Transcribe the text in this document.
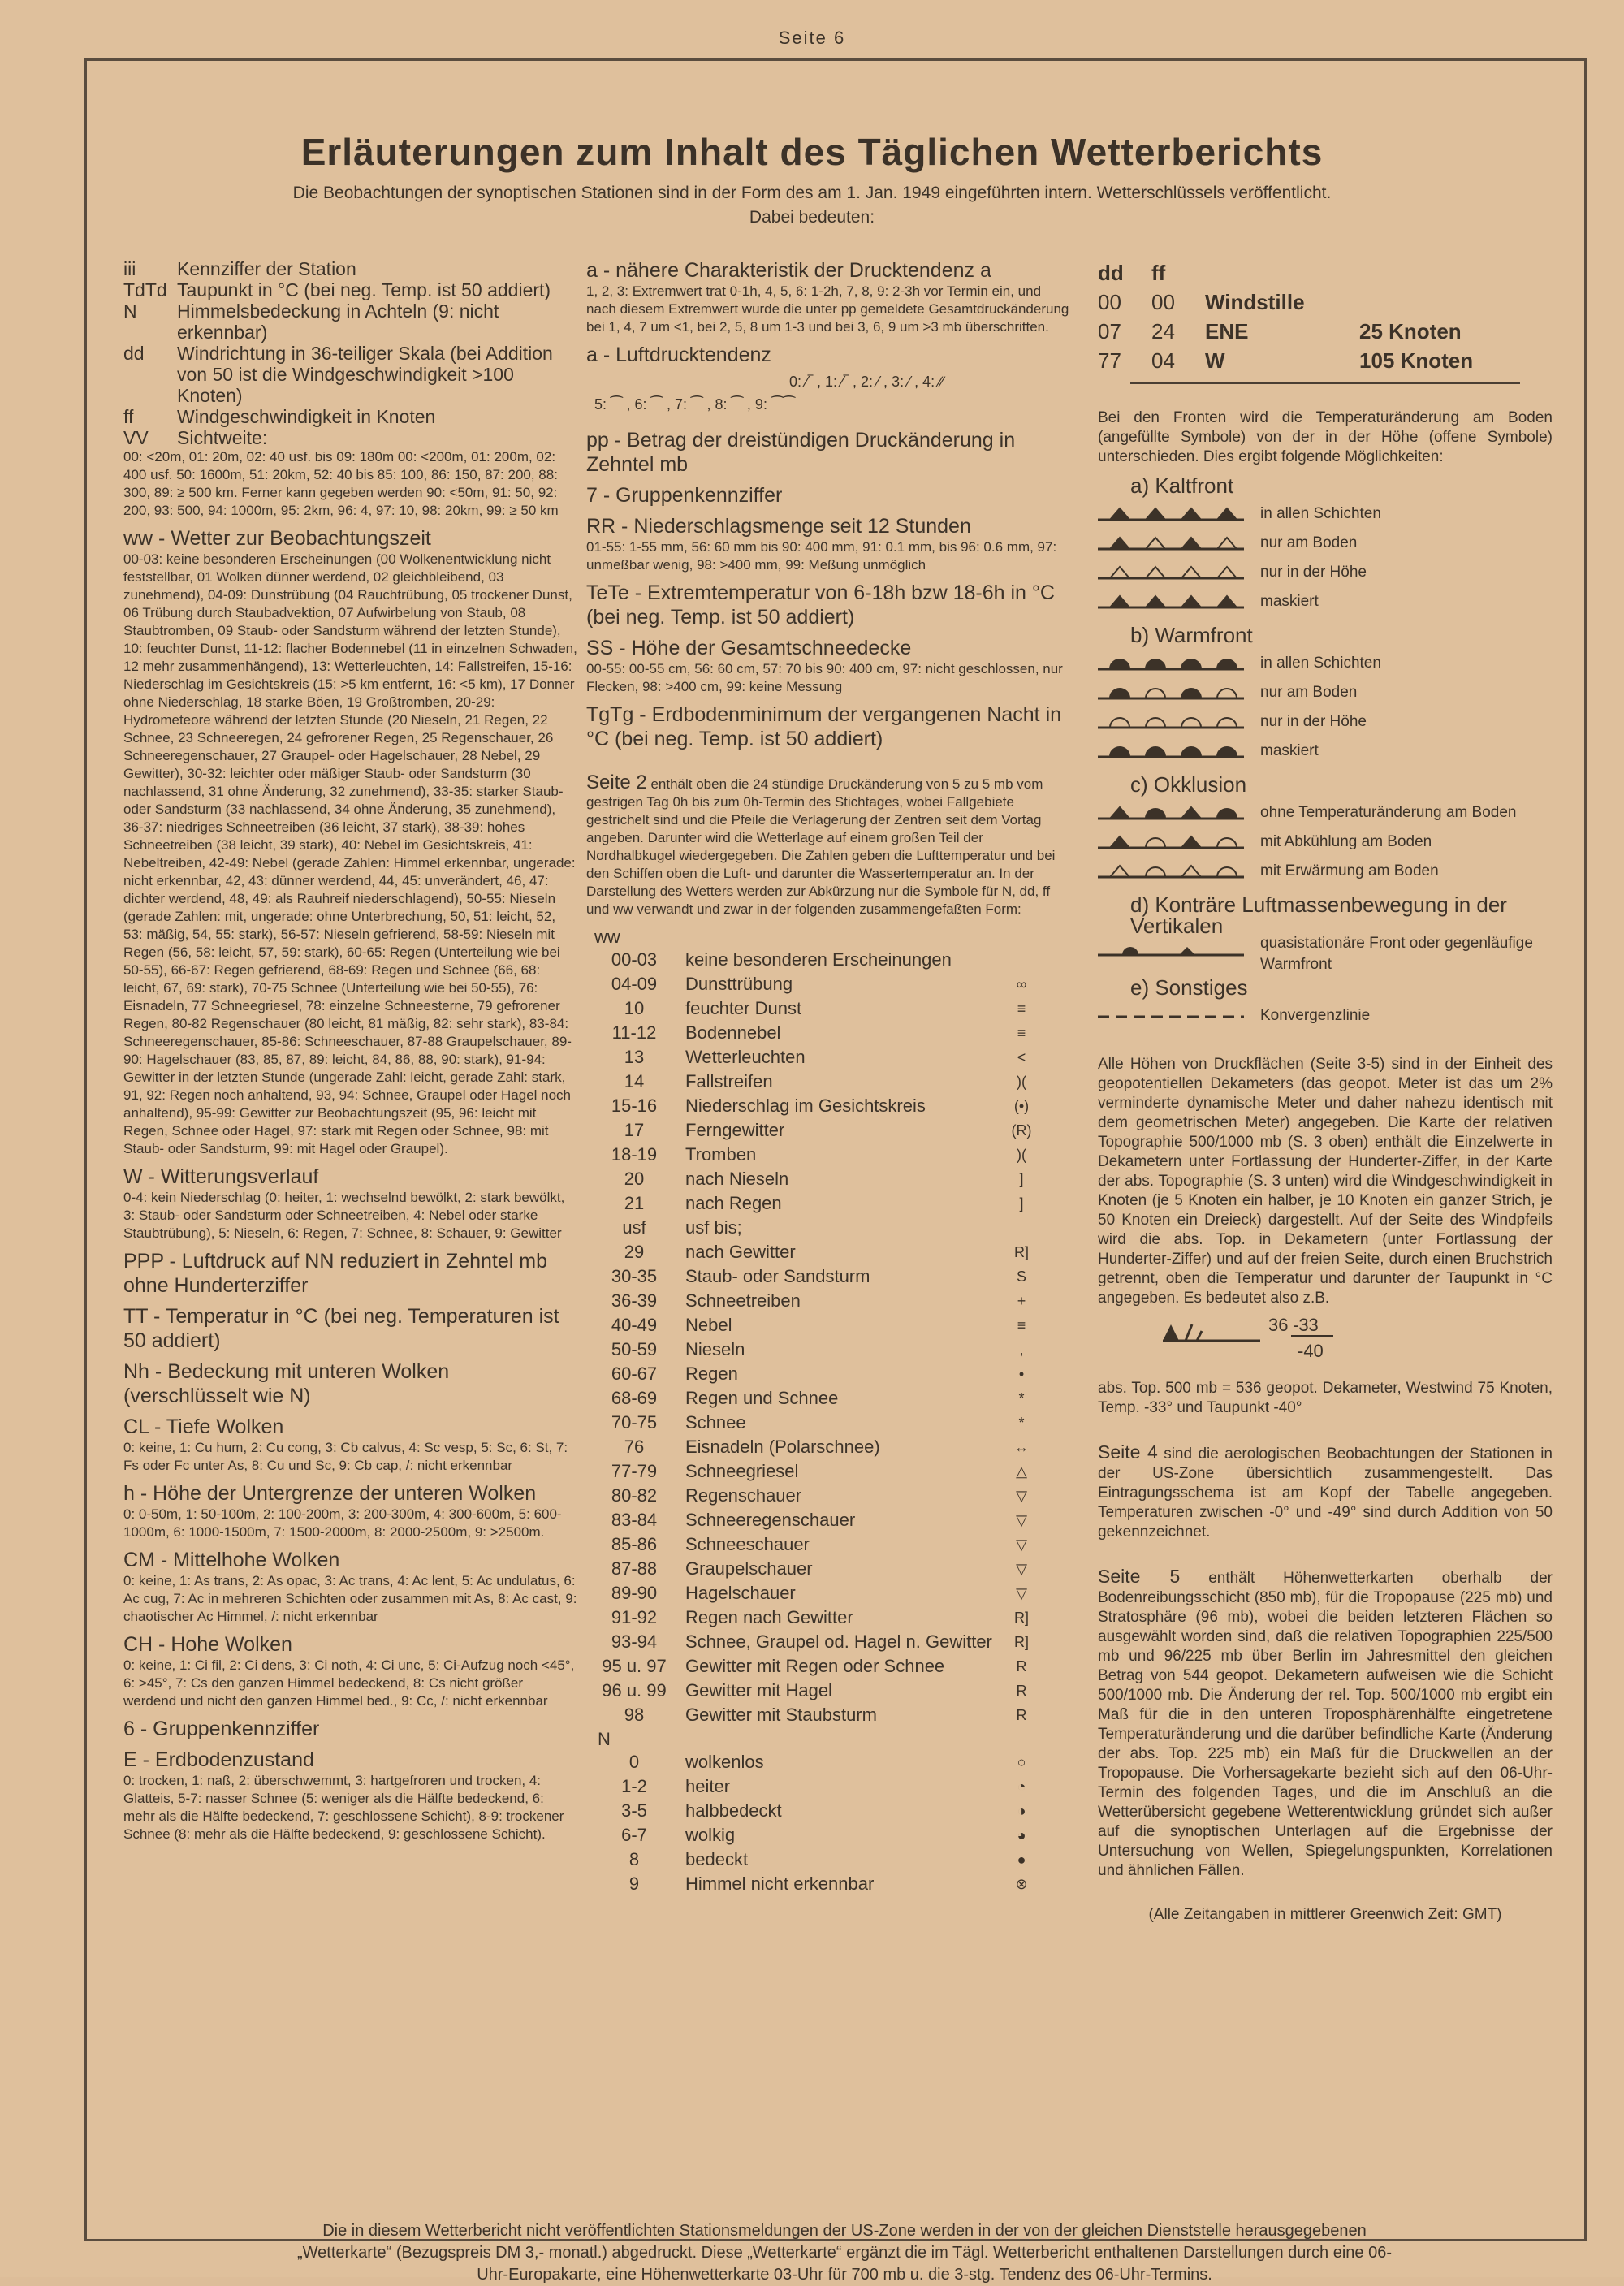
Seite 6
Erläuterungen zum Inhalt des Täglichen Wetterberichts
Die Beobachtungen der synoptischen Stationen sind in der Form des am 1. Jan. 1949 eingeführten intern. Wetterschlüssels veröffentlicht.
Dabei bedeuten:
iii	Kennziffer der Station
TdTd Taupunkt in °C (bei neg. Temp. ist 50 addiert)
N	Himmelsbedeckung in Achteln (9: nicht erkennbar)
dd	Windrichtung in 36-teiliger Skala (bei Addition von 50 ist die Windgeschwindigkeit >100 Knoten)
ff	Windgeschwindigkeit in Knoten
VV	Sichtweite:
00: <20m, 01: 20m, 02: 40 usf. bis 09: 180m 00: <200m, 01: 200m, 02: 400 usf. 50: 1600m, 51: 20km, 52: 40 bis 85: 100, 86: 150, 87: 200, 88: 300, 89: ≥ 500 km. Ferner kann gegeben werden 90: <50m, 91: 50, 92: 200, 93: 500, 94: 1000m, 95: 2km, 96: 4, 97: 10, 98: 20km, 99: ≥ 50 km
ww - Wetter zur Beobachtungszeit
00-03: keine besonderen Erscheinungen (00 Wolkenentwicklung nicht feststellbar, 01 Wolken dünner werdend, 02 gleichbleibend, 03 zunehmend), 04-09: Dunstrübung (04 Rauchtrübung, 05 trockener Dunst, 06 Trübung durch Staubadvektion, 07 Aufwirbelung von Staub, 08 Staubtromben, 09 Staub- oder Sandsturm während der letzten Stunde), 10: feuchter Dunst, 11-12: flacher Bodennebel (11 in einzelnen Schwaden, 12 mehr zusammenhängend), 13: Wetterleuchten, 14: Fallstreifen, 15-16: Niederschlag im Gesichtskreis (15: >5 km entfernt, 16: <5 km), 17 Donner ohne Niederschlag, 18 starke Böen, 19 Großtromben, 20-29: Hydrometeore während der letzten Stunde (20 Nieseln, 21 Regen, 22 Schnee, 23 Schneeregen, 24 gefrorener Regen, 25 Regenschauer, 26 Schneeregenschauer, 27 Graupel- oder Hagelschauer, 28 Nebel, 29 Gewitter), 30-32: leichter oder mäßiger Staub- oder Sandsturm (30 nachlassend, 31 ohne Änderung, 32 zunehmend), 33-35: starker Staub- oder Sandsturm (33 nachlassend, 34 ohne Änderung, 35 zunehmend), 36-37: niedriges Schneetreiben (36 leicht, 37 stark), 38-39: hohes Schneetreiben (38 leicht, 39 stark), 40: Nebel im Gesichtskreis, 41: Nebeltreiben, 42-49: Nebel (gerade Zahlen: Himmel erkennbar, ungerade: nicht erkennbar, 42, 43: dünner werdend, 44, 45: unverändert, 46, 47: dichter werdend, 48, 49: als Rauhreif niederschlagend), 50-55: Nieseln (gerade Zahlen: mit, ungerade: ohne Unterbrechung, 50, 51: leicht, 52, 53: mäßig, 54, 55: stark), 56-57: Nieseln gefrierend, 58-59: Nieseln mit Regen (56, 58: leicht, 57, 59: stark), 60-65: Regen (Unterteilung wie bei 50-55), 66-67: Regen gefrierend, 68-69: Regen und Schnee (66, 68: leicht, 67, 69: stark), 70-75 Schnee (Unterteilung wie bei 50-55), 76: Eisnadeln, 77 Schneegriesel, 78: einzelne Schneesterne, 79 gefrorener Regen, 80-82 Regenschauer (80 leicht, 81 mäßig, 82: sehr stark), 83-84: Schneeregenschauer, 85-86: Schneeschauer, 87-88 Graupelschauer, 89-90: Hagelschauer (83, 85, 87, 89: leicht, 84, 86, 88, 90: stark), 91-94: Gewitter in der letzten Stunde (ungerade Zahl: leicht, gerade Zahl: stark, 91, 92: Regen noch anhaltend, 93, 94: Schnee, Graupel oder Hagel noch anhaltend), 95-99: Gewitter zur Beobachtungszeit (95, 96: leicht mit Regen, Schnee oder Hagel, 97: stark mit Regen oder Schnee, 98: mit Staub- oder Sandsturm, 99: mit Hagel oder Graupel).
W - Witterungsverlauf
0-4: kein Niederschlag (0: heiter, 1: wechselnd bewölkt, 2: stark bewölkt, 3: Staub- oder Sandsturm oder Schneetreiben, 4: Nebel oder starke Staubtrübung), 5: Nieseln, 6: Regen, 7: Schnee, 8: Schauer, 9: Gewitter
PPP - Luftdruck auf NN reduziert in Zehntel mb ohne Hunderterziffer
TT - Temperatur in °C (bei neg. Temperaturen ist 50 addiert)
Nh - Bedeckung mit unteren Wolken (verschlüsselt wie N)
CL - Tiefe Wolken
0: keine, 1: Cu hum, 2: Cu cong, 3: Cb calvus, 4: Sc vesp, 5: Sc, 6: St, 7: Fs oder Fc unter As, 8: Cu und Sc, 9: Cb cap, /: nicht erkennbar
h - Höhe der Untergrenze der unteren Wolken
0: 0-50m, 1: 50-100m, 2: 100-200m, 3: 200-300m, 4: 300-600m, 5: 600-1000m, 6: 1000-1500m, 7: 1500-2000m, 8: 2000-2500m, 9: >2500m.
CM - Mittelhohe Wolken
0: keine, 1: As trans, 2: As opac, 3: Ac trans, 4: Ac lent, 5: Ac undulatus, 6: Ac cug, 7: Ac in mehreren Schichten oder zusammen mit As, 8: Ac cast, 9: chaotischer Ac Himmel, /: nicht erkennbar
CH - Hohe Wolken
0: keine, 1: Ci fil, 2: Ci dens, 3: Ci noth, 4: Ci unc, 5: Ci-Aufzug noch <45°, 6: >45°, 7: Cs den ganzen Himmel bedeckend, 8: Cs nicht größer werdend und nicht den ganzen Himmel bed., 9: Cc, /: nicht erkennbar
6 - Gruppenkennziffer
E - Erdbodenzustand
0: trocken, 1: naß, 2: überschwemmt, 3: hartgefroren und trocken, 4: Glatteis, 5-7: nasser Schnee (5: weniger als die Hälfte bedeckend, 6: mehr als die Hälfte bedeckend, 7: geschlossene Schicht), 8-9: trockener Schnee (8: mehr als die Hälfte bedeckend, 9: geschlossene Schicht).
a - nähere Charakteristik der Drucktendenz a
1, 2, 3: Extremwert trat 0-1h, 4, 5, 6: 1-2h, 7, 8, 9: 2-3h vor Termin ein, und nach diesem Extremwert wurde die unter pp gemeldete Gesamtdruckänderung bei 1, 4, 7 um <1, bei 2, 5, 8 um 1-3 und bei 3, 6, 9 um >3 mb überschritten.
a - Luftdrucktendenz
0: ⁄‾ , 1: ⁄‾ , 2: ⁄ , 3: ⁄ , 4: ∕∕
5: ⁀ , 6: ⁀ , 7: ⁀ , 8: ⁀ , 9: ⁀⁀
pp - Betrag der dreistündigen Druckänderung in Zehntel mb
7 - Gruppenkennziffer
RR - Niederschlagsmenge seit 12 Stunden
01-55: 1-55 mm, 56: 60 mm bis 90: 400 mm, 91: 0.1 mm, bis 96: 0.6 mm, 97: unmeßbar wenig, 98: >400 mm, 99: Meßung unmöglich
TeTe - Extremtemperatur von 6-18h bzw 18-6h in °C (bei neg. Temp. ist 50 addiert)
SS - Höhe der Gesamtschneedecke
00-55: 00-55 cm, 56: 60 cm, 57: 70 bis 90: 400 cm, 97: nicht geschlossen, nur Flecken, 98: >400 cm, 99: keine Messung
TgTg - Erdbodenminimum der vergangenen Nacht in °C (bei neg. Temp. ist 50 addiert)
Seite 2 enthält oben die 24 stündige Druckänderung von 5 zu 5 mb vom gestrigen Tag 0h bis zum 0h-Termin des Stichtages, wobei Fallgebiete gestrichelt sind und die Pfeile die Verlagerung der Zentren seit dem Vortag angeben. Darunter wird die Wetterlage auf einem großen Teil der Nordhalbkugel wiedergegeben. Die Zahlen geben die Lufttemperatur und bei den Schiffen oben die Luft- und darunter die Wassertemperatur an. In der Darstellung des Wetters werden zur Abkürzung nur die Symbole für N, dd, ff und ww verwandt und zwar in der folgenden zusammengefaßten Form:
ww
00-03	keine besonderen Erscheinungen	
04-09	Dunsttrübung	∞
10	feuchter Dunst	≡
11-12	Bodennebel	≡
13	Wetterleuchten	<
14	Fallstreifen	)(
15-16	Niederschlag im Gesichtskreis	(•)
17	Ferngewitter	(R)
18-19	Tromben	)(
20	nach Nieseln	]
21	nach Regen	]
usf	usf bis;	
29	nach Gewitter	R]
30-35	Staub- oder Sandsturm	S
36-39	Schneetreiben	+
40-49	Nebel	≡
50-59	Nieseln	,
60-67	Regen	•
68-69	Regen und Schnee	*
70-75	Schnee	*
76	Eisnadeln (Polarschnee)	↔
77-79	Schneegriesel	△
80-82	Regenschauer	▽
83-84	Schneeregenschauer	▽
85-86	Schneeschauer	▽
87-88	Graupelschauer	▽
89-90	Hagelschauer	▽
91-92	Regen nach Gewitter	R]
93-94	Schnee, Graupel od. Hagel n. Gewitter	R]
95 u. 97	Gewitter mit Regen oder Schnee	R
96 u. 99	Gewitter mit Hagel	R
98	Gewitter mit Staubsturm	R
N
0	wolkenlos	○
1-2	heiter	◔
3-5	halbbedeckt	◑
6-7	wolkig	◕
8	bedeckt	●
9	Himmel nicht erkennbar	⊗
dd	ff
00	00	Windstille
07	24	ENE	25 Knoten
77	04	W	105 Knoten
Bei den Fronten wird die Temperaturänderung am Boden (angefüllte Symbole) von der in der Höhe (offene Symbole) unterschieden. Dies ergibt folgende Möglichkeiten:
a) Kaltfront
in allen Schichten
nur am Boden
nur in der Höhe
maskiert
b) Warmfront
in allen Schichten
nur am Boden
nur in der Höhe
maskiert
c) Okklusion
ohne Temperaturänderung am Boden
mit Abkühlung am Boden
mit Erwärmung am Boden
d) Konträre Luftmassenbewegung in der Vertikalen
quasistationäre Front oder gegenläufige Warmfront
e) Sonstiges
Konvergenzlinie
Alle Höhen von Druckflächen (Seite 3-5) sind in der Einheit des geopotentiellen Dekameters (das geopot. Meter ist das um 2% verminderte dynamische Meter und daher nahezu identisch mit dem geometrischen Meter) angegeben. Die Karte der relativen Topographie 500/1000 mb (S. 3 oben) enthält die Einzelwerte in Dekametern unter Fortlassung der Hunderter-Ziffer, in der Karte der abs. Topographie (S. 3 unten) wird die Windgeschwindigkeit in Knoten (je 5 Knoten ein halber, je 10 Knoten ein ganzer Strich, je 50 Knoten ein Dreieck) dargestellt. Auf der Seite des Windpfeils wird die abs. Top. in Dekametern (unter Fortlassung der Hunderter-Ziffer) und auf der freien Seite, durch einen Bruchstrich getrennt, oben die Temperatur und darunter der Taupunkt in °C angegeben. Es bedeutet also z.B.
36 -33
-40
abs. Top. 500 mb = 536 geopot. Dekameter, Westwind 75 Knoten, Temp. -33° und Taupunkt -40°
Seite 4 sind die aerologischen Beobachtungen der Stationen in der US-Zone übersichtlich zusammengestellt. Das Eintragungsschema ist am Kopf der Tabelle angegeben. Temperaturen zwischen -0° und -49° sind durch Addition von 50 gekennzeichnet.
Seite 5 enthält Höhenwetterkarten oberhalb der Bodenreibungsschicht (850 mb), für die Tropopause (225 mb) und Stratosphäre (96 mb), wobei die beiden letzteren Flächen so ausgewählt worden sind, daß die relativen Topographien 225/500 mb und 96/225 mb über Berlin im Jahresmittel den gleichen Betrag von 544 geopot. Dekametern aufweisen wie die Schicht 500/1000 mb. Die Änderung der rel. Top. 500/1000 mb ergibt ein Maß für die in den unteren Troposphärenhälfte eingetretene Temperaturänderung und die darüber befindliche Karte (Änderung der abs. Top. 225 mb) ein Maß für die Druckwellen an der Tropopause. Die Vorhersagekarte bezieht sich auf den 06-Uhr-Termin des folgenden Tages, und die im Anschluß an die Wetterübersicht gegebene Wetterentwicklung gründet sich außer auf die synoptischen Unterlagen auf die Ergebnisse der Untersuchung von Wellen, Spiegelungspunkten, Korrelationen und ähnlichen Fällen.
(Alle Zeitangaben in mittlerer Greenwich Zeit: GMT)
Die in diesem Wetterbericht nicht veröffentlichten Stationsmeldungen der US-Zone werden in der von der gleichen Dienststelle herausgegebenen „Wetterkarte“ (Bezugspreis DM 3,- monatl.) abgedruckt. Diese „Wetterkarte“ ergänzt die im Tägl. Wetterbericht enthaltenen Darstellungen durch eine 06-Uhr-Europakarte, eine Höhenwetterkarte 03-Uhr für 700 mb u. die 3-stg. Tendenz des 06-Uhr-Termins.
